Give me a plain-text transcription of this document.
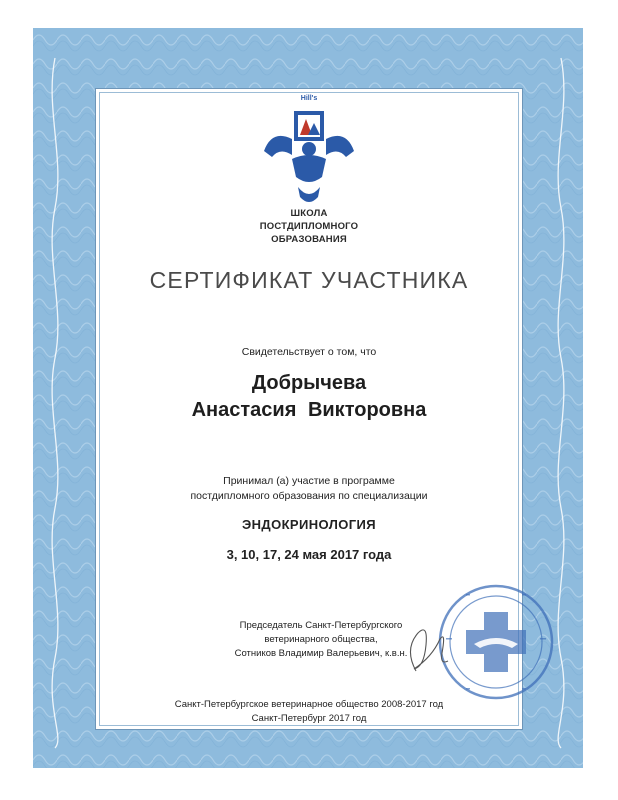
Hill's
ШКОЛА
ПОСТДИПЛОМНОГО
ОБРАЗОВАНИЯ
СЕРТИФИКАТ УЧАСТНИКА
Свидетельствует о том, что
Добрычева
Анастасия Викторовна
Принимал (а) участие в программе
постдипломного образования по специализации
ЭНДОКРИНОЛОГИЯ
3, 10, 17, 24 мая 2017 года
Председатель Санкт-Петербургского
ветеринарного общества,
Сотников Владимир Валерьевич, к.в.н.
Санкт-Петербургское ветеринарное общество 2008-2017 год
Санкт-Петербург 2017 год
